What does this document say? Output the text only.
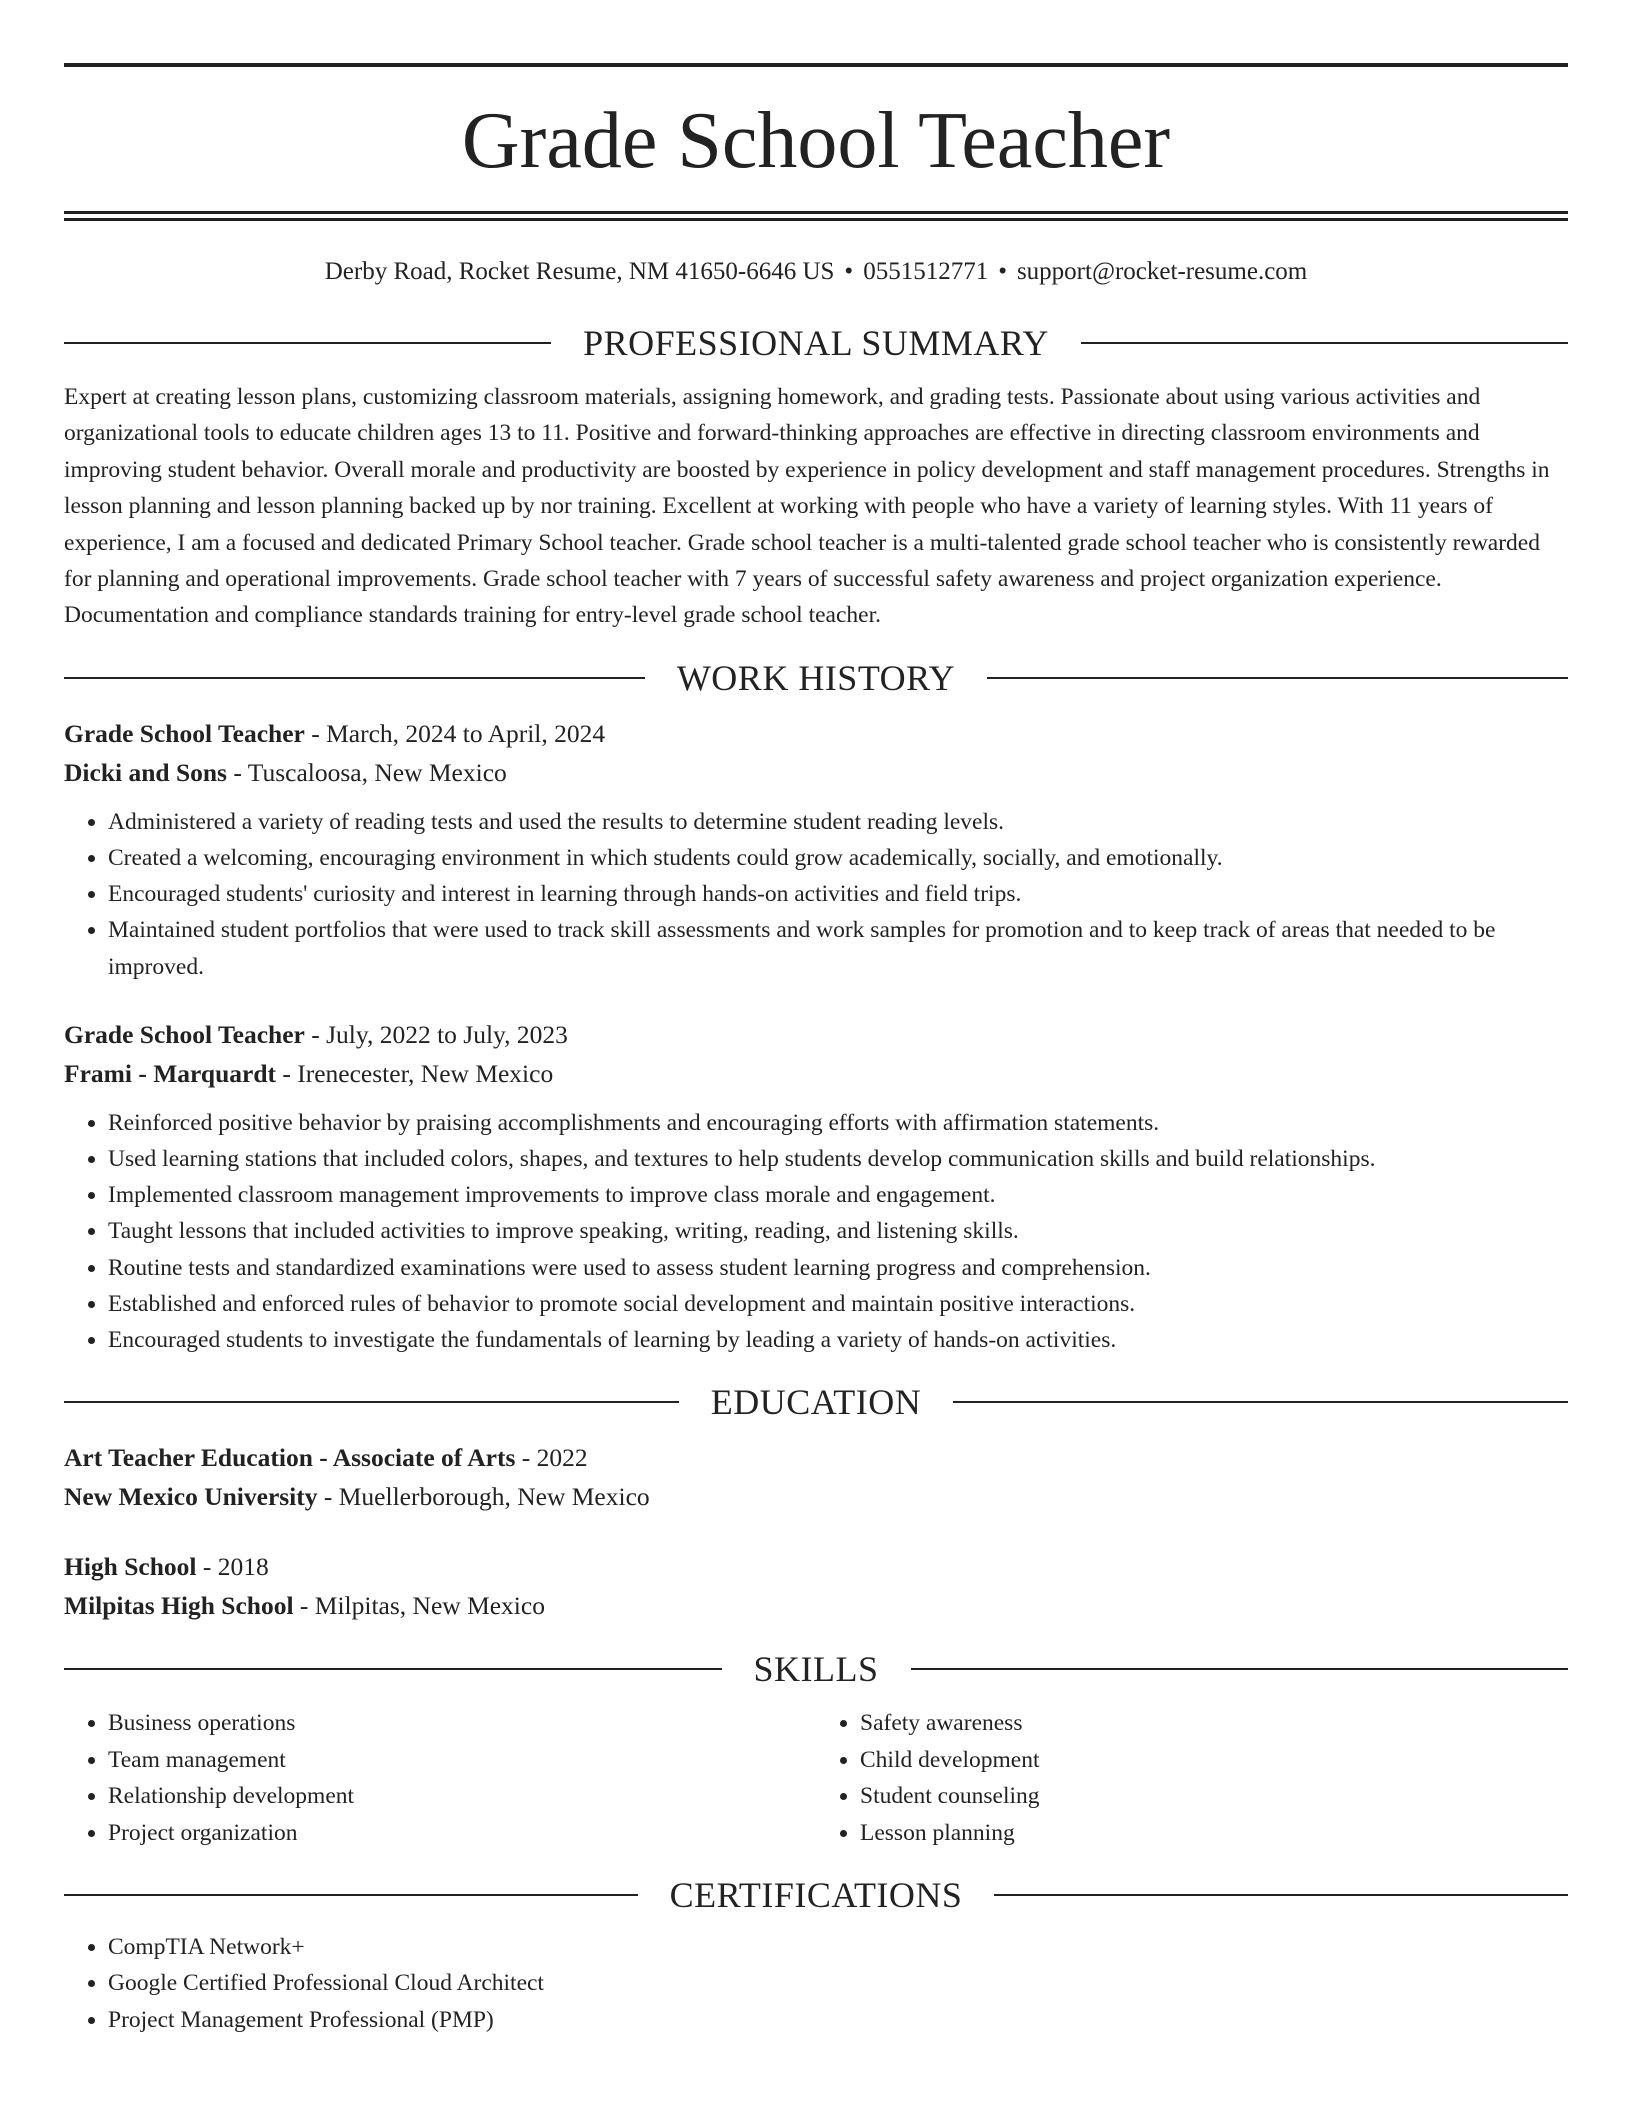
Grade School Teacher
Derby Road, Rocket Resume, NM 41650-6646 US • 0551512771 • support@rocket-resume.com
PROFESSIONAL SUMMARY
Expert at creating lesson plans, customizing classroom materials, assigning homework, and grading tests. Passionate about using various activities and organizational tools to educate children ages 13 to 11. Positive and forward-thinking approaches are effective in directing classroom environments and improving student behavior. Overall morale and productivity are boosted by experience in policy development and staff management procedures. Strengths in lesson planning and lesson planning backed up by nor training. Excellent at working with people who have a variety of learning styles. With 11 years of experience, I am a focused and dedicated Primary School teacher. Grade school teacher is a multi-talented grade school teacher who is consistently rewarded for planning and operational improvements. Grade school teacher with 7 years of successful safety awareness and project organization experience. Documentation and compliance standards training for entry-level grade school teacher.
WORK HISTORY
Grade School Teacher - March, 2024 to April, 2024
Dicki and Sons - Tuscaloosa, New Mexico
• Administered a variety of reading tests and used the results to determine student reading levels.
• Created a welcoming, encouraging environment in which students could grow academically, socially, and emotionally.
• Encouraged students' curiosity and interest in learning through hands-on activities and field trips.
• Maintained student portfolios that were used to track skill assessments and work samples for promotion and to keep track of areas that needed to be improved.
Grade School Teacher - July, 2022 to July, 2023
Frami - Marquardt - Irenecester, New Mexico
• Reinforced positive behavior by praising accomplishments and encouraging efforts with affirmation statements.
• Used learning stations that included colors, shapes, and textures to help students develop communication skills and build relationships.
• Implemented classroom management improvements to improve class morale and engagement.
• Taught lessons that included activities to improve speaking, writing, reading, and listening skills.
• Routine tests and standardized examinations were used to assess student learning progress and comprehension.
• Established and enforced rules of behavior to promote social development and maintain positive interactions.
• Encouraged students to investigate the fundamentals of learning by leading a variety of hands-on activities.
EDUCATION
Art Teacher Education - Associate of Arts - 2022
New Mexico University - Muellerborough, New Mexico
High School - 2018
Milpitas High School - Milpitas, New Mexico
SKILLS
• Business operations
• Team management
• Relationship development
• Project organization
• Safety awareness
• Child development
• Student counseling
• Lesson planning
CERTIFICATIONS
• CompTIA Network+
• Google Certified Professional Cloud Architect
• Project Management Professional (PMP)
